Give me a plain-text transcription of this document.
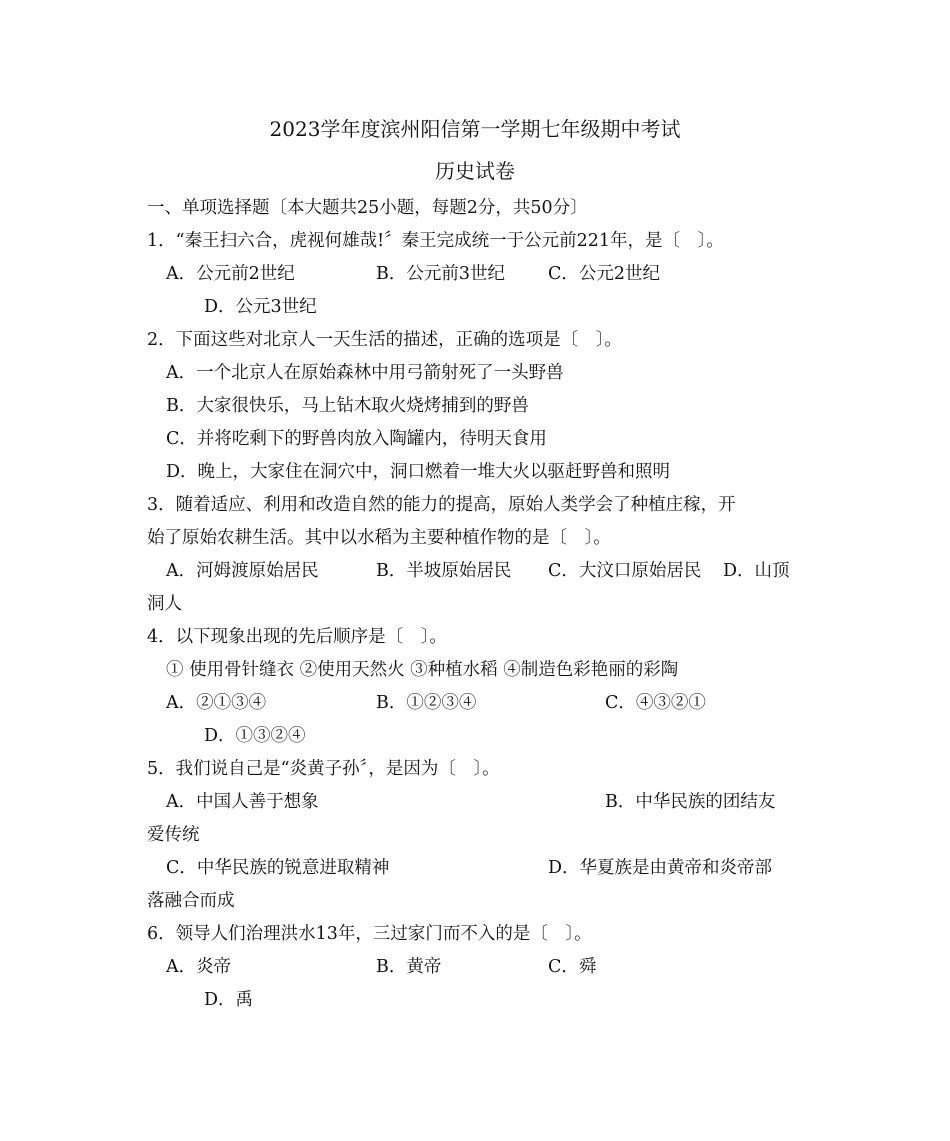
2023学年度滨州阳信第一学期七年级期中考试
历史试卷
一、单项选择题〔本大题共25小题，每题2分，共50分〕
1．“秦王扫六合，虎视何雄哉!〞秦王完成统一于公元前221年，是〔　〕。
A．公元前2世纪	B．公元前3世纪 C．公元2世纪
D．公元3世纪
2．下面这些对北京人一天生活的描述，正确的选项是〔　〕。
A．一个北京人在原始森林中用弓箭射死了一头野兽
B．大家很快乐，马上钻木取火烧烤捕到的野兽
C．并将吃剩下的野兽肉放入陶罐内，待明天食用
D．晚上，大家住在洞穴中，洞口燃着一堆大火以驱赶野兽和照明
3．随着适应、利用和改造自然的能力的提高，原始人类学会了种植庄稼，开
始了原始农耕生活。其中以水稻为主要种植作物的是〔　〕。
A．河姆渡原始居民	B．半坡原始居民 C．大汶口原始居民 D．山顶
洞人
4．以下现象出现的先后顺序是〔　〕。
① 使用骨针缝衣 ②使用天然火 ③种植水稻 ④制造色彩艳丽的彩陶
A．②①③④	B．①②③④	C．④③②①
D．①③②④
5．我们说自己是“炎黄子孙〞，是因为〔　〕。
A．中国人善于想象	B．中华民族的团结友
爱传统
C．中华民族的锐意进取精神	D．华夏族是由黄帝和炎帝部
落融合而成
6．领导人们治理洪水13年，三过家门而不入的是〔　〕。
A．炎帝	B．黄帝	C．舜
D．禹
